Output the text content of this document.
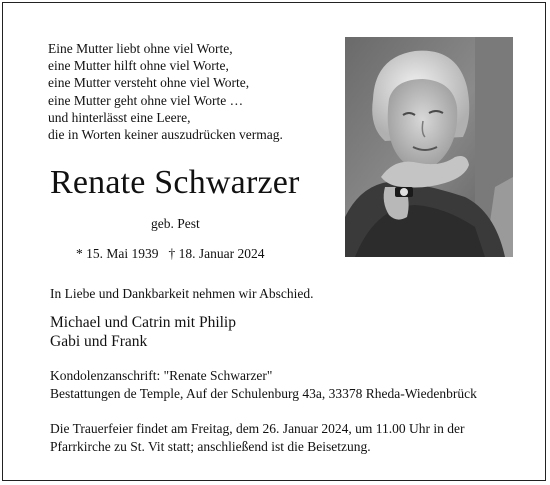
Eine Mutter liebt ohne viel Worte,
eine Mutter hilft ohne viel Worte,
eine Mutter versteht ohne viel Worte,
eine Mutter geht ohne viel Worte …
und hinterlässt eine Leere,
die in Worten keiner auszudrücken vermag.
Renate Schwarzer
geb. Pest
* 15. Mai 1939 † 18. Januar 2024
In Liebe und Dankbarkeit nehmen wir Abschied.
Michael und Catrin mit Philip
Gabi und Frank
Kondolenzanschrift: "Renate Schwarzer"
Bestattungen de Temple, Auf der Schulenburg 43a, 33378 Rheda-Wiedenbrück
Die Trauerfeier findet am Freitag, dem 26. Januar 2024, um 11.00 Uhr in der
Pfarrkirche zu St. Vit statt; anschließend ist die Beisetzung.
